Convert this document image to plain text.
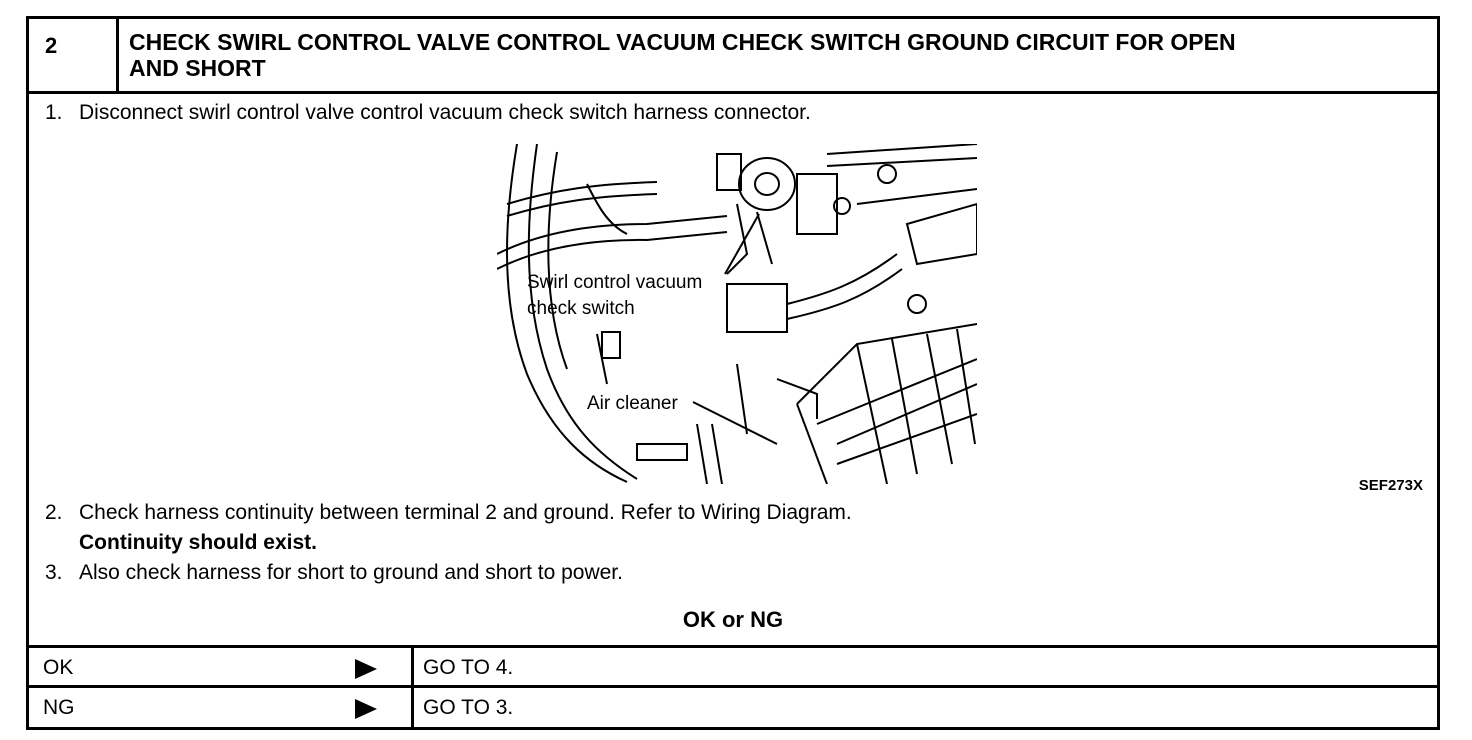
2	CHECK SWIRL CONTROL VALVE CONTROL VACUUM CHECK SWITCH GROUND CIRCUIT FOR OPEN
AND SHORT
1. Disconnect swirl control valve control vacuum check switch harness connector.
Swirl control vacuum
check switch
Air cleaner
SEF273X
2. Check harness continuity between terminal 2 and ground. Refer to Wiring Diagram.
Continuity should exist.
3. Also check harness for short to ground and short to power.
OK or NG
OK	GO TO 4.
NG	GO TO 3.
